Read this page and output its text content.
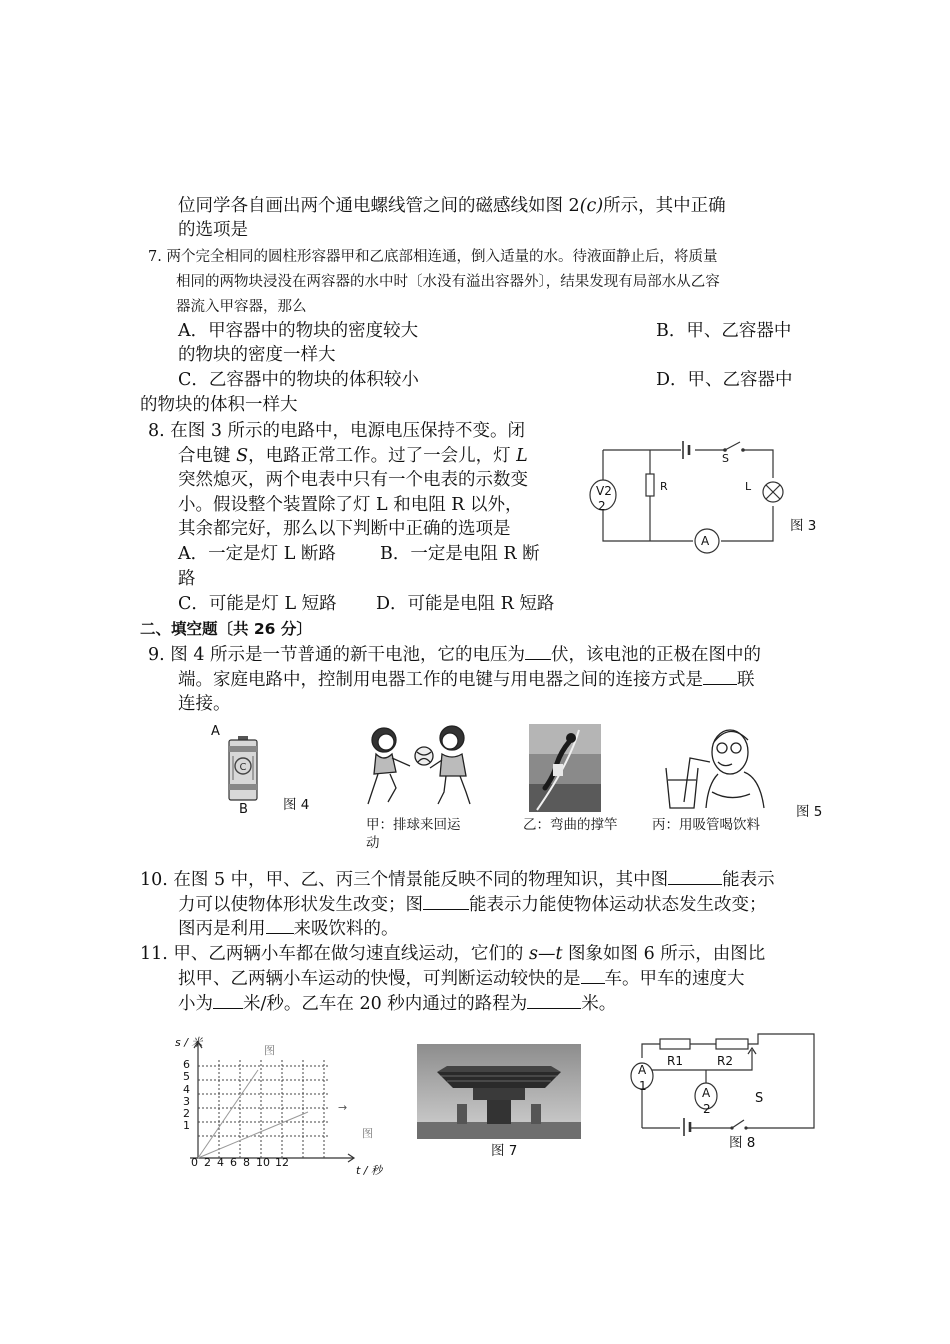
位同学各自画出两个通电螺线管之间的磁感线如图 2(c)所示，其中正确
的选项是
7. 两个完全相同的圆柱形容器甲和乙底部相连通，倒入适量的水。待液面静止后，将质量
相同的两物块浸没在两容器的水中时〔水没有溢出容器外〕，结果发现有局部水从乙容
器流入甲容器，那么
A．甲容器中的物块的密度较大	B．甲、乙容器中
的物块的密度一样大
C．乙容器中的物块的体积较小	D．甲、乙容器中
的物块的体积一样大
8. 在图 3 所示的电路中，电源电压保持不变。闭
合电键 S，电路正常工作。过了一会儿，灯 L
突然熄灭，两个电表中只有一个电表的示数变
小。假设整个装置除了灯 L 和电阻 R 以外，
其余都完好，那么以下判断中正确的选项是
A．一定是灯 L 断路	B．一定是电阻 R 断
路
C．可能是灯 L 短路 D．可能是电阻 R 短路
S
R	L
V2
2
A
图 3
二、填空题〔共 26 分〕
9. 图 4 所示是一节普通的新干电池，它的电压为 伏，该电池的正极在图中的
端。家庭电路中，控制用电器工作的电键与用电器之间的连接方式是 联
连接。
A
C
B	图 4
甲：排球来回运
动
乙：弯曲的撑竿	丙：用吸管喝饮料
图 5
10. 在图 5 中，甲、乙、丙三个情景能反映不同的物理知识，其中图	能表示
力可以使物体形状发生改变；图	能表示力能使物体运动状态发生改变；
图丙是利用 来吸饮料的。
11. 甲、乙两辆小车都在做匀速直线运动，它们的 s—t 图象如图 6 所示，由图比
拟甲、乙两辆小车运动的快慢，可判断运动较快的是 车。甲车的速度大
小为 米/秒。乙车在 20 秒内通过的路程为	米。
s / 米
6
5
4
3
2
1
0 2 4 6 8 10 12
t / 秒
图
→
图
图 7
R1	R2
A
1	A
2
S
图 8
